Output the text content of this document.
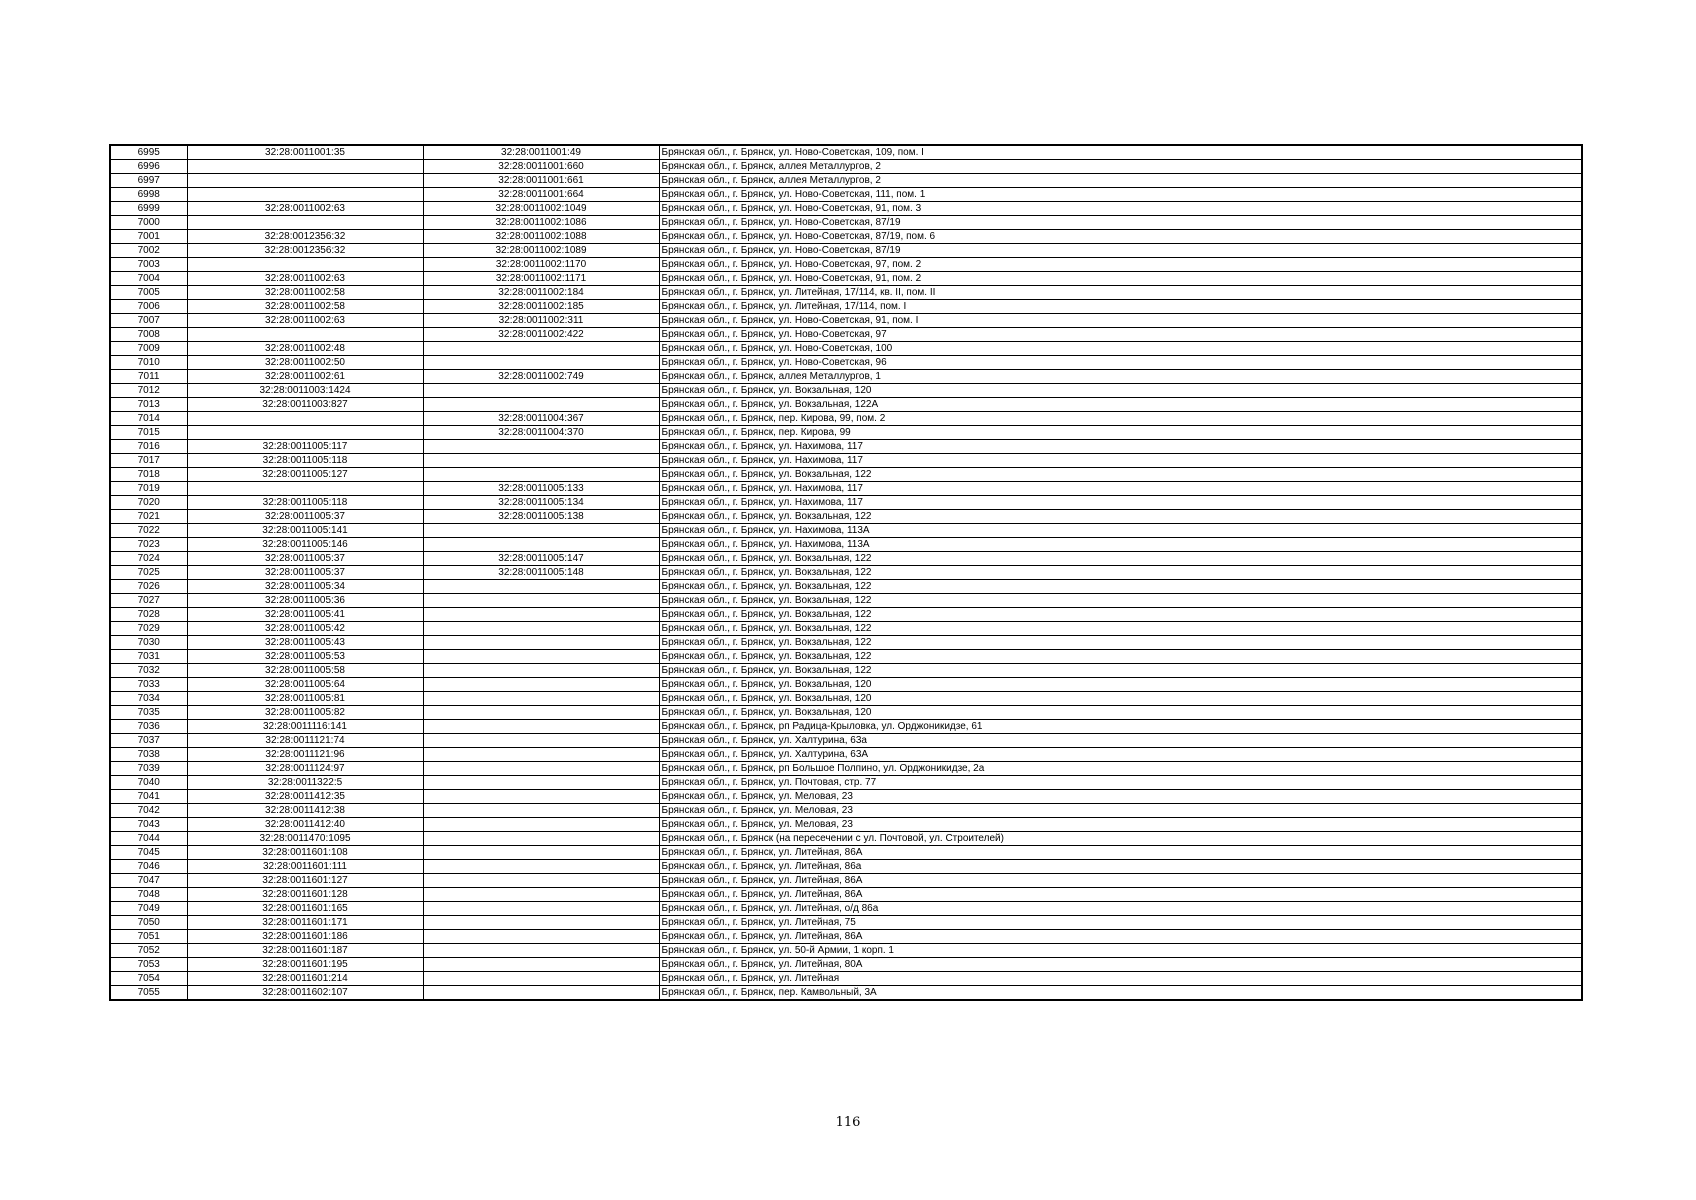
6995	32:28:0011001:35	32:28:0011001:49	Брянская обл., г. Брянск, ул. Ново-Советская, 109, пом. I
6996		32:28:0011001:660	Брянская обл., г. Брянск, аллея Металлургов, 2
6997		32:28:0011001:661	Брянская обл., г. Брянск, аллея Металлургов, 2
6998		32:28:0011001:664	Брянская обл., г. Брянск, ул. Ново-Советская, 111, пом. 1
6999	32:28:0011002:63	32:28:0011002:1049	Брянская обл., г. Брянск, ул. Ново-Советская, 91, пом. 3
7000		32:28:0011002:1086	Брянская обл., г. Брянск, ул. Ново-Советская, 87/19
7001	32:28:0012356:32	32:28:0011002:1088	Брянская обл., г. Брянск, ул. Ново-Советская, 87/19, пом. 6
7002	32:28:0012356:32	32:28:0011002:1089	Брянская обл., г. Брянск, ул. Ново-Советская, 87/19
7003		32:28:0011002:1170	Брянская обл., г. Брянск, ул. Ново-Советская, 97, пом. 2
7004	32:28:0011002:63	32:28:0011002:1171	Брянская обл., г. Брянск, ул. Ново-Советская, 91, пом. 2
7005	32:28:0011002:58	32:28:0011002:184	Брянская обл., г. Брянск, ул. Литейная, 17/114, кв. II, пом. II
7006	32:28:0011002:58	32:28:0011002:185	Брянская обл., г. Брянск, ул. Литейная, 17/114, пом. I
7007	32:28:0011002:63	32:28:0011002:311	Брянская обл., г. Брянск, ул. Ново-Советская, 91, пом. I
7008		32:28:0011002:422	Брянская обл., г. Брянск, ул. Ново-Советская, 97
7009	32:28:0011002:48		Брянская обл., г. Брянск, ул. Ново-Советская, 100
7010	32:28:0011002:50		Брянская обл., г. Брянск, ул. Ново-Советская, 96
7011	32:28:0011002:61	32:28:0011002:749	Брянская обл., г. Брянск, аллея Металлургов, 1
7012	32:28:0011003:1424		Брянская обл., г. Брянск, ул. Вокзальная, 120
7013	32:28:0011003:827		Брянская обл., г. Брянск, ул. Вокзальная, 122А
7014		32:28:0011004:367	Брянская обл., г. Брянск, пер. Кирова, 99, пом. 2
7015		32:28:0011004:370	Брянская обл., г. Брянск, пер. Кирова, 99
7016	32:28:0011005:117		Брянская обл., г. Брянск, ул. Нахимова, 117
7017	32:28:0011005:118		Брянская обл., г. Брянск, ул. Нахимова, 117
7018	32:28:0011005:127		Брянская обл., г. Брянск, ул. Вокзальная, 122
7019		32:28:0011005:133	Брянская обл., г. Брянск, ул. Нахимова, 117
7020	32:28:0011005:118	32:28:0011005:134	Брянская обл., г. Брянск, ул. Нахимова, 117
7021	32:28:0011005:37	32:28:0011005:138	Брянская обл., г. Брянск, ул. Вокзальная, 122
7022	32:28:0011005:141		Брянская обл., г. Брянск, ул. Нахимова, 113А
7023	32:28:0011005:146		Брянская обл., г. Брянск, ул. Нахимова, 113А
7024	32:28:0011005:37	32:28:0011005:147	Брянская обл., г. Брянск, ул. Вокзальная, 122
7025	32:28:0011005:37	32:28:0011005:148	Брянская обл., г. Брянск, ул. Вокзальная, 122
7026	32:28:0011005:34		Брянская обл., г. Брянск, ул. Вокзальная, 122
7027	32:28:0011005:36		Брянская обл., г. Брянск, ул. Вокзальная, 122
7028	32:28:0011005:41		Брянская обл., г. Брянск, ул. Вокзальная, 122
7029	32:28:0011005:42		Брянская обл., г. Брянск, ул. Вокзальная, 122
7030	32:28:0011005:43		Брянская обл., г. Брянск, ул. Вокзальная, 122
7031	32:28:0011005:53		Брянская обл., г. Брянск, ул. Вокзальная, 122
7032	32:28:0011005:58		Брянская обл., г. Брянск, ул. Вокзальная, 122
7033	32:28:0011005:64		Брянская обл., г. Брянск, ул. Вокзальная, 120
7034	32:28:0011005:81		Брянская обл., г. Брянск, ул. Вокзальная, 120
7035	32:28:0011005:82		Брянская обл., г. Брянск, ул. Вокзальная, 120
7036	32:28:0011116:141		Брянская обл., г. Брянск, рп Радица-Крыловка, ул. Орджоникидзе, 61
7037	32:28:0011121:74		Брянская обл., г. Брянск, ул. Халтурина, 63а
7038	32:28:0011121:96		Брянская обл., г. Брянск, ул. Халтурина, 63А
7039	32:28:0011124:97		Брянская обл., г. Брянск, рп Большое Полпино, ул. Орджоникидзе, 2а
7040	32:28:0011322:5		Брянская обл., г. Брянск, ул. Почтовая, стр. 77
7041	32:28:0011412:35		Брянская обл., г. Брянск, ул. Меловая, 23
7042	32:28:0011412:38		Брянская обл., г. Брянск, ул. Меловая, 23
7043	32:28:0011412:40		Брянская обл., г. Брянск, ул. Меловая, 23
7044	32:28:0011470:1095		Брянская обл., г. Брянск (на пересечении с ул. Почтовой, ул. Строителей)
7045	32:28:0011601:108		Брянская обл., г. Брянск, ул. Литейная, 86А
7046	32:28:0011601:111		Брянская обл., г. Брянск, ул. Литейная, 86а
7047	32:28:0011601:127		Брянская обл., г. Брянск, ул. Литейная, 86А
7048	32:28:0011601:128		Брянская обл., г. Брянск, ул. Литейная, 86А
7049	32:28:0011601:165		Брянская обл., г. Брянск, ул. Литейная, о/д 86а
7050	32:28:0011601:171		Брянская обл., г. Брянск, ул. Литейная, 75
7051	32:28:0011601:186		Брянская обл., г. Брянск, ул. Литейная, 86А
7052	32:28:0011601:187		Брянская обл., г. Брянск, ул. 50-й Армии, 1 корп. 1
7053	32:28:0011601:195		Брянская обл., г. Брянск, ул. Литейная, 80А
7054	32:28:0011601:214		Брянская обл., г. Брянск, ул. Литейная
7055	32:28:0011602:107		Брянская обл., г. Брянск, пер. Камвольный, 3А
116
